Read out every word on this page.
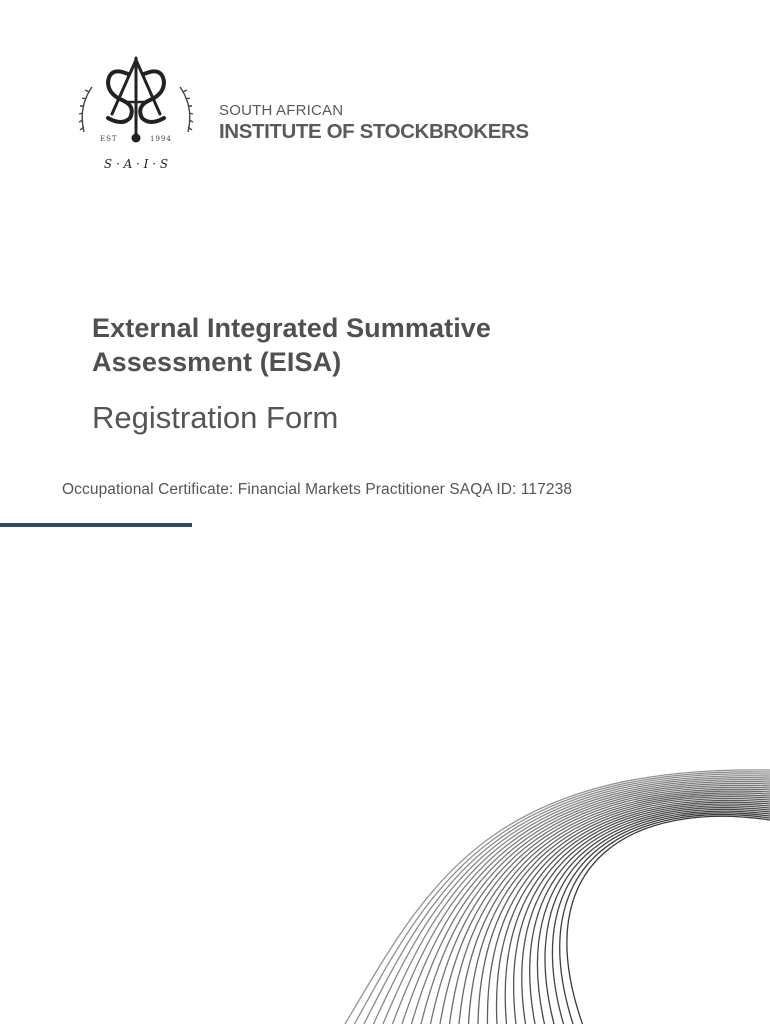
EST	1994
S · A · I · S
SOUTH AFRICAN
INSTITUTE OF STOCKBROKERS
External Integrated Summative
Assessment (EISA)
Registration Form
Occupational Certificate: Financial Markets Practitioner SAQA ID: 117238
